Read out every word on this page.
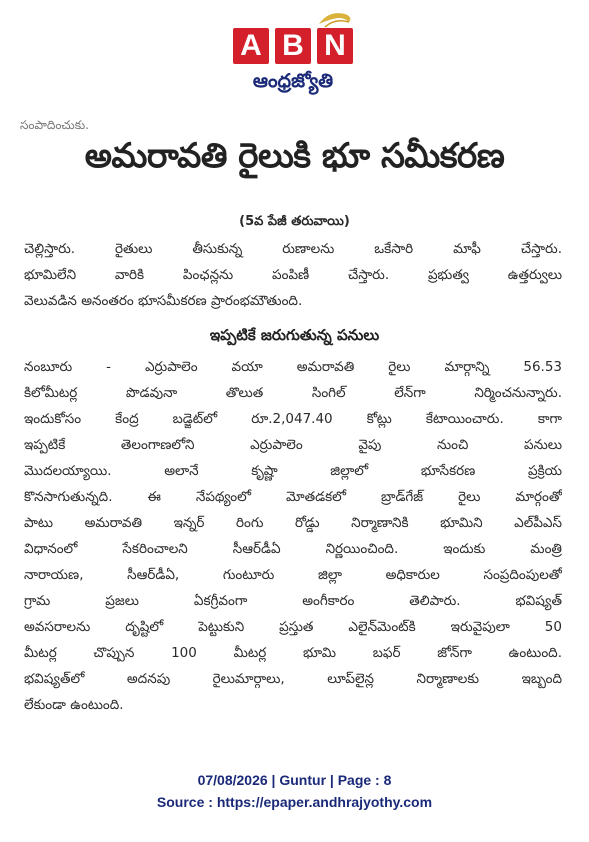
A B N
ఆంధ్రజ్యోతి
సంపాదించుకు.
అమరావతి రైలుకి భూ సమీకరణ
(5వ పేజీ తరువాయి)
చెల్లిస్తారు. రైతులు తీసుకున్న రుణాలను ఒకేసారి మాఫీ చేస్తారు.
భూమిలేని వారికి పింఛన్లను పంపిణీ చేస్తారు. ప్రభుత్వ ఉత్తర్వులు
వెలువడిన అనంతరం భూసమీకరణ ప్రారంభమౌతుంది.
ఇప్పటికే జరుగుతున్న పనులు
నంబూరు - ఎర్రుపాలెం వయా అమరావతి రైలు మార్గాన్ని 56.53
కిలోమీటర్ల పొడవునా తొలుత సింగిల్ లేన్‌గా నిర్మించనున్నారు.
ఇందుకోసం కేంద్ర బడ్జెట్‌లో రూ.2,047.40 కోట్లు కేటాయించారు. కాగా
ఇప్పటికే తెలంగాణలోని ఎర్రుపాలెం వైపు నుంచి పనులు
మొదలయ్యాయి. అలానే కృష్ణా జిల్లాలో భూసేకరణ ప్రక్రియ
కొనసాగుతున్నది. ఈ నేపథ్యంలో మోతడకలో బ్రాడ్‌గేజ్ రైలు మార్గంతో
పాటు అమరావతి ఇన్నర్ రింగు రోడ్డు నిర్మాణానికి భూమిని ఎల్‌పీఎస్
విధానంలో సేకరించాలని సీఆర్‌డీఏ నిర్ణయించింది. ఇందుకు మంత్రి
నారాయణ, సీఆర్‌డీఏ, గుంటూరు జిల్లా అధికారుల సంప్రదింపులతో
గ్రామ ప్రజలు ఏకగ్రీవంగా అంగీకారం తెలిపారు. భవిష్యత్
అవసరాలను దృష్టిలో పెట్టుకుని ప్రస్తుత ఎలైన్‌మెంట్‌కి ఇరువైపులా 50
మీటర్ల చొప్పున 100 మీటర్ల భూమి బఫర్ జోన్‌గా ఉంటుంది.
భవిష్యత్‌లో అదనపు రైలుమార్గాలు, లూప్‌లైన్ల నిర్మాణాలకు ఇబ్బంది
లేకుండా ఉంటుంది.
07/08/2026 | Guntur | Page : 8
Source : https://epaper.andhrajyothy.com
